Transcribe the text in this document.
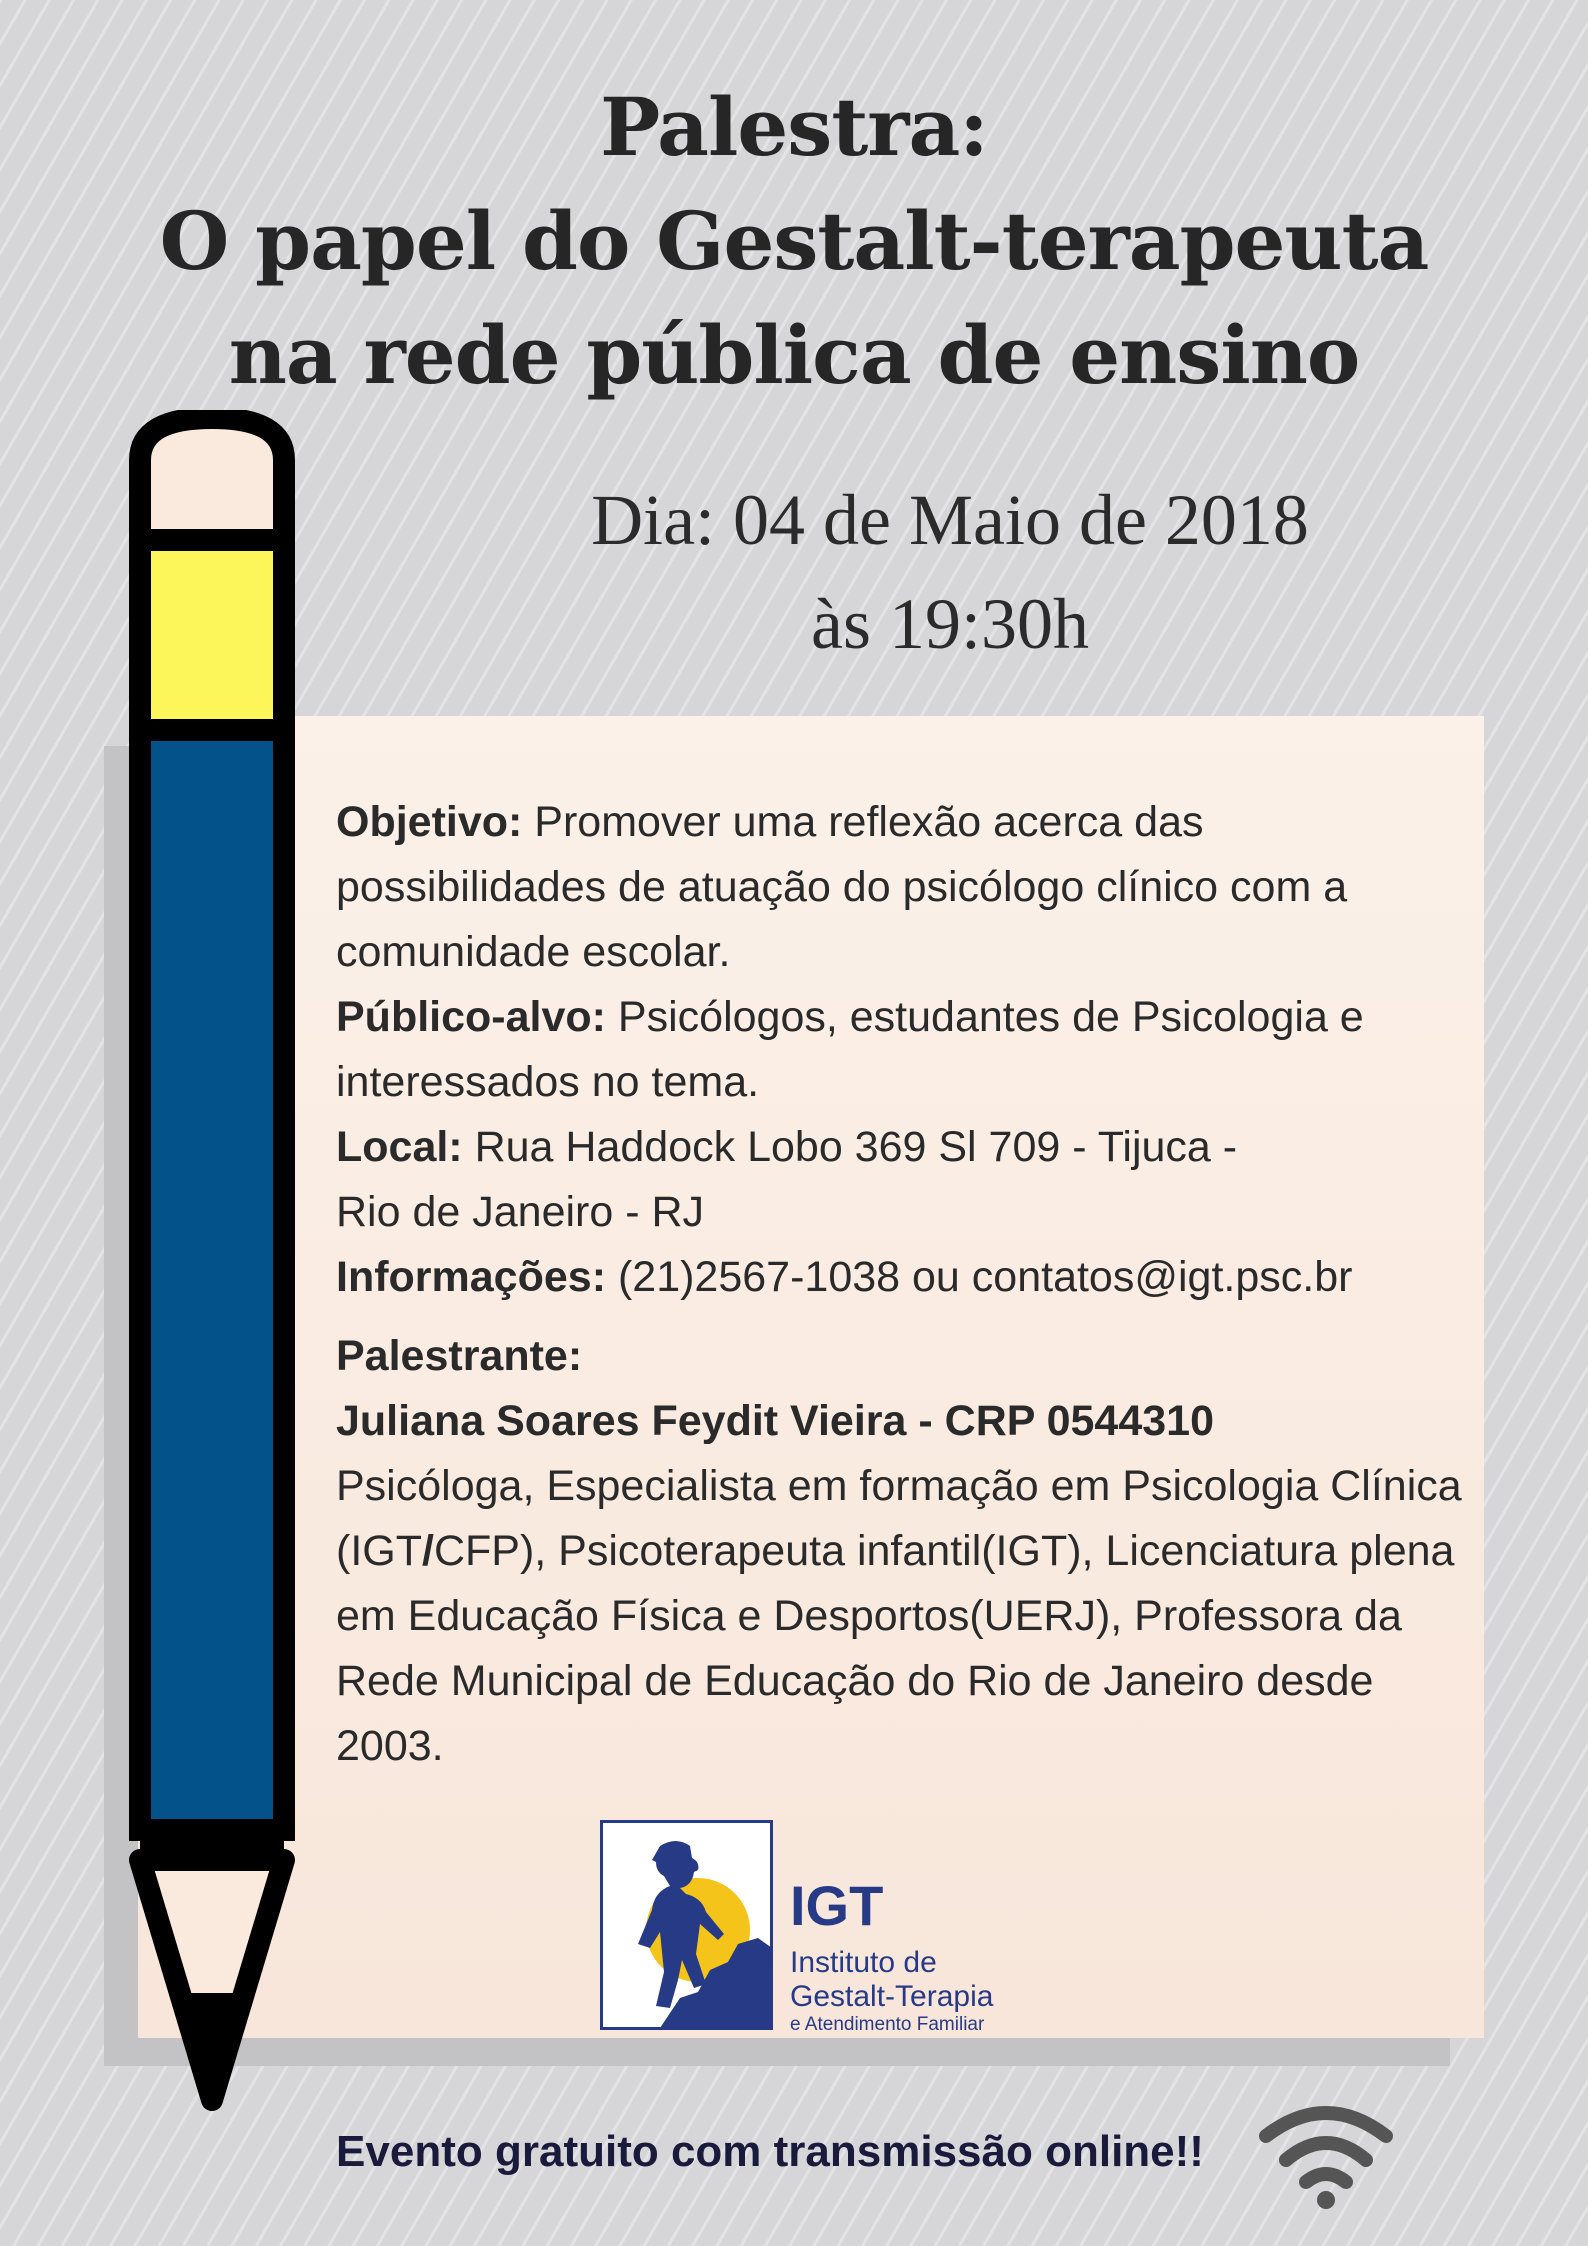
Palestra:
O papel do Gestalt-terapeuta
na rede pública de ensino
Dia: 04 de Maio de 2018
às 19:30h

Objetivo: Promover uma reflexão acerca das possibilidades de atuação do psicólogo clínico com a comunidade escolar.

Público-alvo: Psicólogos, estudantes de Psicologia e interessados no tema.

Local: Rua Haddock Lobo 369 Sl 709 - Tijuca -
Rio de Janeiro - RJ

Informações: (21)2567-1038 ou contatos@igt.psc.br

Palestrante:

Juliana Soares Feydit Vieira - CRP 0544310

Psicóloga, Especialista em formação em Psicologia Clínica (IGT/CFP), Psicoterapeuta infantil(IGT), Licenciatura plena em Educação Física e Desportos(UERJ), Professora da Rede Municipal de Educação do Rio de Janeiro desde 2003.

IGT
Instituto de
Gestalt-Terapia
e Atendimento Familiar
Evento gratuito com transmissão online!!
